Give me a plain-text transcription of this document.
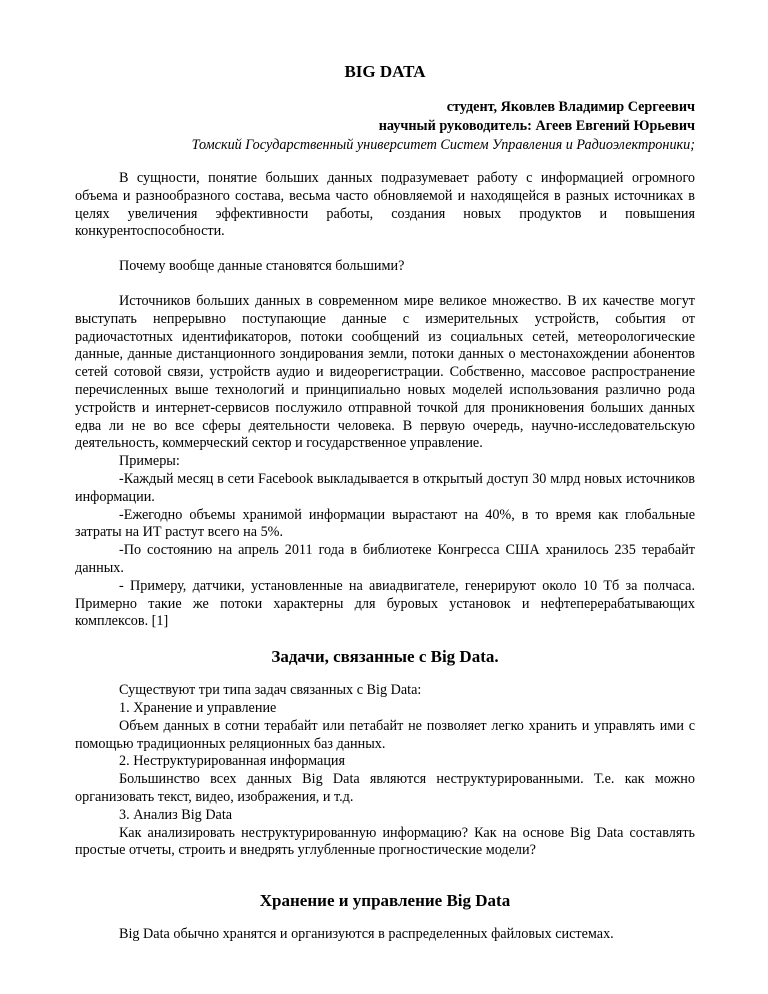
BIG DATA

студент, Яковлев Владимир Сергеевич

научный руководитель: Агеев Евгений Юрьевич

Томский Государственный университет Систем Управления и Радиоэлектроники;

В сущности, понятие больших данных подразумевает работу с информацией огромного объема и разнообразного состава, весьма часто обновляемой и находящейся в разных источниках в целях увеличения эффективности работы, создания новых продуктов и повышения конкурентоспособности.

Почему вообще данные становятся большими?

Источников больших данных в современном мире великое множество. В их качестве могут выступать непрерывно поступающие данные с измерительных устройств, события от радиочастотных идентификаторов, потоки сообщений из социальных сетей, метеорологические данные, данные дистанционного зондирования земли, потоки данных о местонахождении абонентов сетей сотовой связи, устройств аудио и видеорегистрации. Собственно, массовое распространение перечисленных выше технологий и принципиально новых моделей использования различно рода устройств и интернет-сервисов послужило отправной точкой для проникновения больших данных едва ли не во все сферы деятельности человека. В первую очередь, научно-исследовательскую деятельность, коммерческий сектор и государственное управление.

Примеры:

-Каждый месяц в сети Facebook выкладывается в открытый доступ 30 млрд новых источников информации.

-Ежегодно объемы хранимой информации вырастают на 40%, в то время как глобальные затраты на ИТ растут всего на 5%.

-По состоянию на апрель 2011 года в библиотеке Конгресса США хранилось 235 терабайт данных.

- Примеру, датчики, установленные на авиадвигателе, генерируют около 10 Тб за полчаса. Примерно такие же потоки характерны для буровых установок и нефтеперерабатывающих комплексов. [1]

Задачи, связанные с Big Data.

Существуют три типа задач связанных с Big Data:

1. Хранение и управление

Объем данных в сотни терабайт или петабайт не позволяет легко хранить и управлять ими с помощью традиционных реляционных баз данных.

2. Неструктурированная информация

Большинство всех данных Big Data являются неструктурированными. Т.е. как можно организовать текст, видео, изображения, и т.д.

3. Анализ Big Data

Как анализировать неструктурированную информацию? Как на основе Big Data составлять простые отчеты, строить и внедрять углубленные прогностические модели?

Хранение и управление Big Data

Big Data обычно хранятся и организуются в распределенных файловых системах.
